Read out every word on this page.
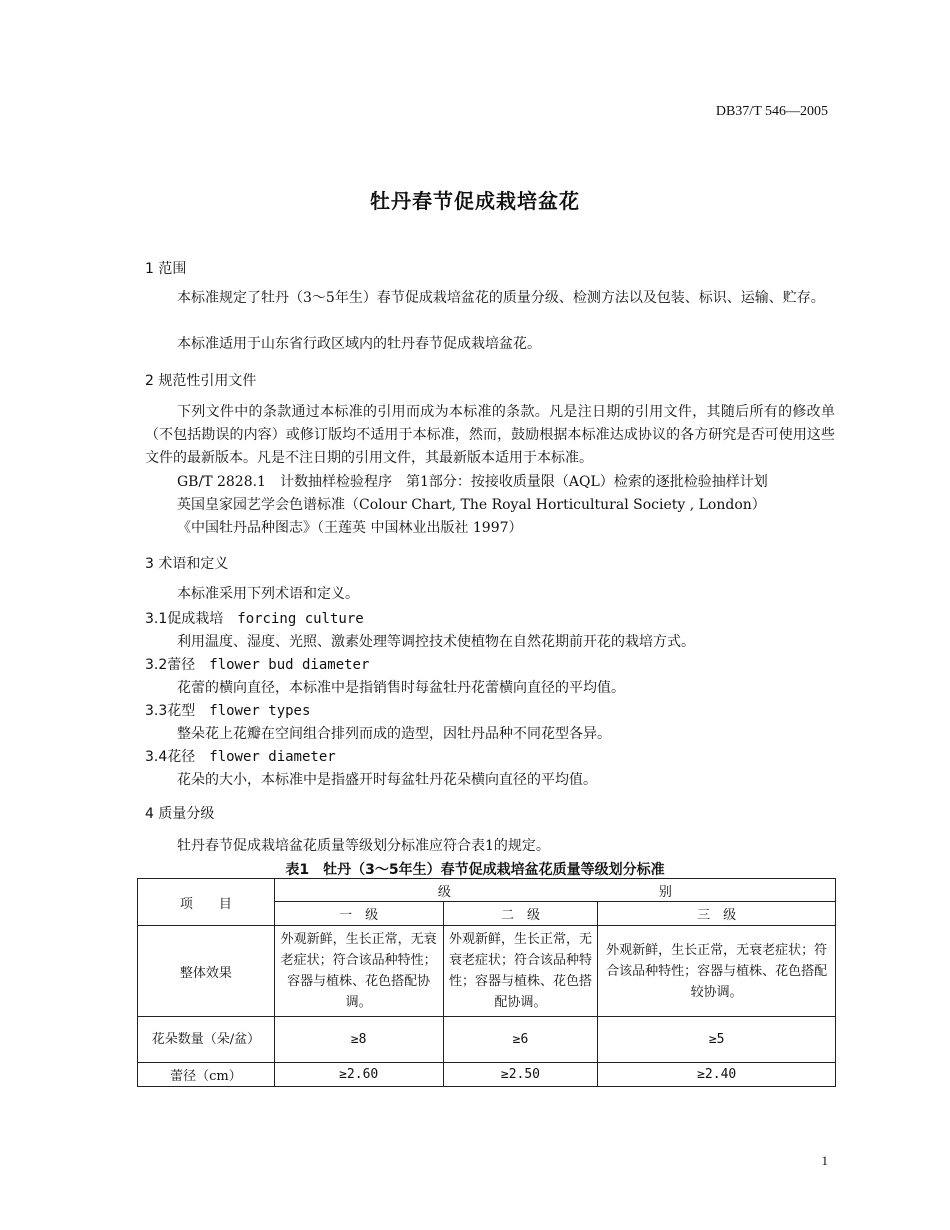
DB37/T 546—2005
牡丹春节促成栽培盆花
1 范围
本标准规定了牡丹（3～5年生）春节促成栽培盆花的质量分级、检测方法以及包装、标识、运输、贮存。
本标准适用于山东省行政区域内的牡丹春节促成栽培盆花。
2 规范性引用文件
下列文件中的条款通过本标准的引用而成为本标准的条款。凡是注日期的引用文件，其随后所有的修改单（不包括勘误的内容）或修订版均不适用于本标准，然而，鼓励根据本标准达成协议的各方研究是否可使用这些文件的最新版本。凡是不注日期的引用文件，其最新版本适用于本标准。
GB/T 2828.1　计数抽样检验程序　第1部分：按接收质量限（AQL）检索的逐批检验抽样计划
英国皇家园艺学会色谱标准（Colour Chart, The Royal Horticultural Society , London）
《中国牡丹品种图志》（王莲英 中国林业出版社 1997）
3 术语和定义
本标准采用下列术语和定义。
3.1促成栽培 forcing culture
利用温度、湿度、光照、激素处理等调控技术使植物在自然花期前开花的栽培方式。
3.2蕾径 flower bud diameter
花蕾的横向直径，本标准中是指销售时每盆牡丹花蕾横向直径的平均值。
3.3花型 flower types
整朵花上花瓣在空间组合排列而成的造型，因牡丹品种不同花型各异。
3.4花径 flower diameter
花朵的大小，本标准中是指盛开时每盆牡丹花朵横向直径的平均值。
4 质量分级
牡丹春节促成栽培盆花质量等级划分标准应符合表1的规定。
表1　牡丹（3～5年生）春节促成栽培盆花质量等级划分标准
项　　目	级　　　　　　　　　　　　　　　　别		
	一　级	二　级	三　级
整体效果	外观新鲜，生长正常，无衰老症状；符合该品种特性；容器与植株、花色搭配协调。	外观新鲜，生长正常，无衰老症状；符合该品种特性；容器与植株、花色搭配协调。	外观新鲜，生长正常，无衰老症状；符合该品种特性；容器与植株、花色搭配较协调。
花朵数量（朵/盆）	≥8	≥6	≥5
蕾径（cm）	≥2.60	≥2.50	≥2.40
1
